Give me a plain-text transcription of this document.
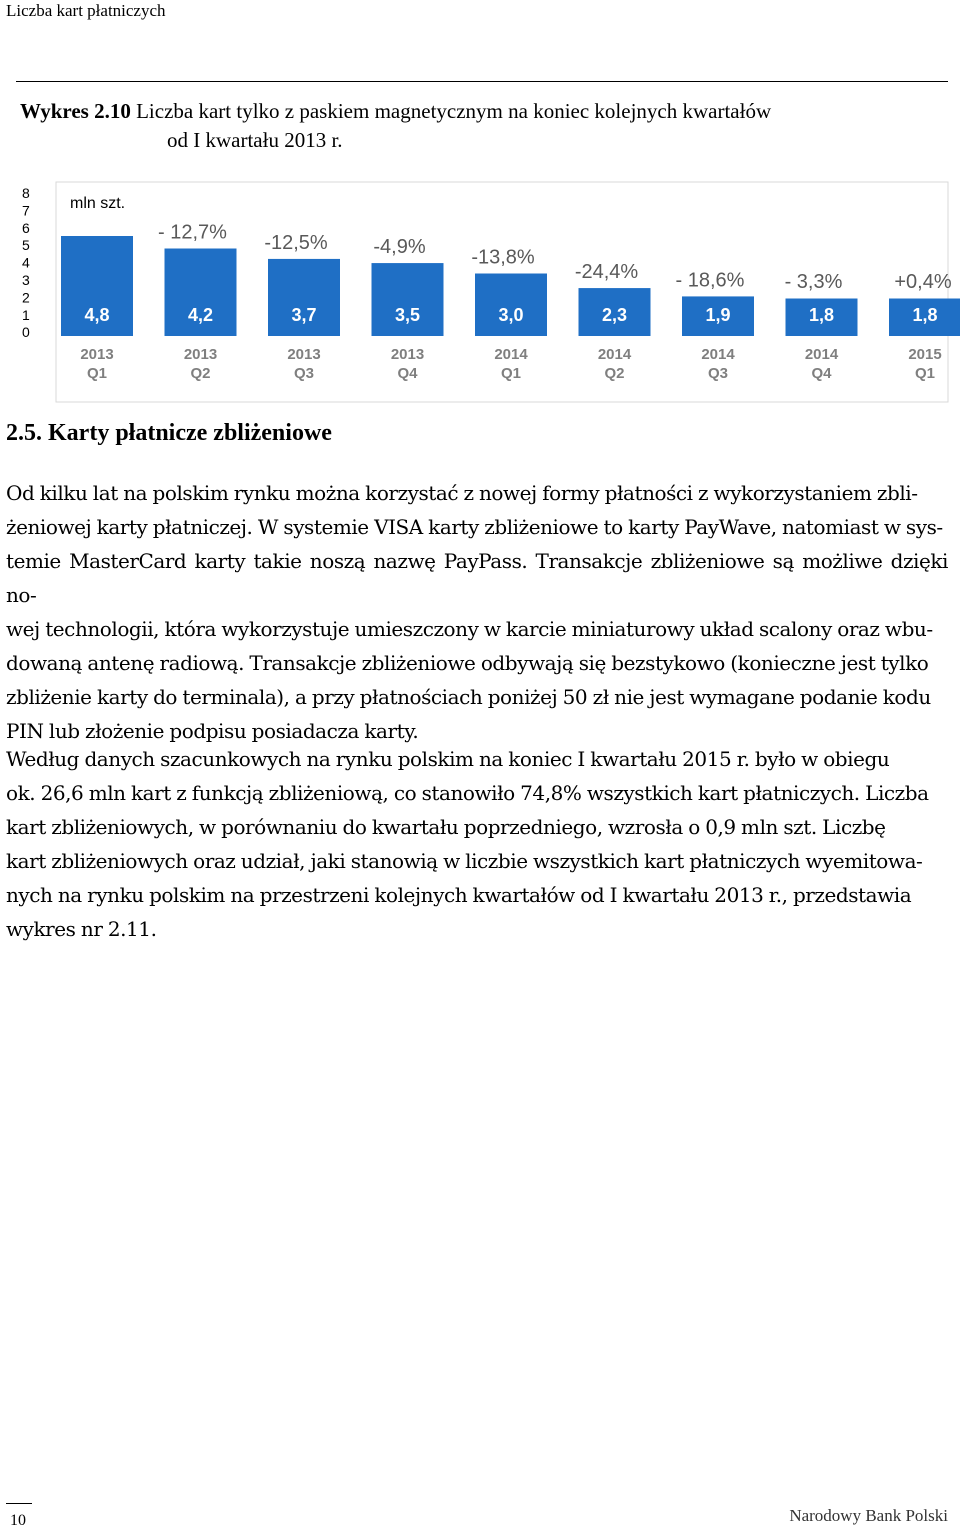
Liczba kart płatniczych
Wykres 2.10 Liczba kart tylko z paskiem magnetycznym na koniec kolejnych kwartałów
od I kwartału 2013 r.
8
7
6
5
4
3
2
1
0
mln szt.
4,8	4,2	3,7	3,5	3,0	2,3	1,9	1,8	1,8
- 12,7% -12,5% -4,9% -13,8%
-24,4% - 18,6% - 3,3%	+0,4%
2013
Q1
2013
Q2
2013
Q3
2013
Q4
2014
Q1
2014
Q2
2014
Q3
2014
Q4
2015
Q1
2.5. Karty płatnicze zbliżeniowe
Od kilku lat na polskim rynku można korzystać z nowej formy płatności z wykorzystaniem zbli-
żeniowej karty płatniczej. W systemie VISA karty zbliżeniowe to karty PayWave, natomiast w sys-
temie MasterCard karty takie noszą nazwę PayPass. Transakcje zbliżeniowe są możliwe dzięki no-
wej technologii, która wykorzystuje umieszczony w karcie miniaturowy układ scalony oraz wbu-
dowaną antenę radiową. Transakcje zbliżeniowe odbywają się bezstykowo (konieczne jest tylko
zbliżenie karty do terminala), a przy płatnościach poniżej 50 zł nie jest wymagane podanie kodu
PIN lub złożenie podpisu posiadacza karty.
Według danych szacunkowych na rynku polskim na koniec I kwartału 2015 r. było w obiegu
ok. 26,6 mln kart z funkcją zbliżeniową, co stanowiło 74,8% wszystkich kart płatniczych. Liczba
kart zbliżeniowych, w porównaniu do kwartału poprzedniego, wzrosła o 0,9 mln szt. Liczbę
kart zbliżeniowych oraz udział, jaki stanowią w liczbie wszystkich kart płatniczych wyemitowa-
nych na rynku polskim na przestrzeni kolejnych kwartałów od I kwartału 2013 r., przedstawia
wykres nr 2.11.
10	Narodowy Bank Polski
